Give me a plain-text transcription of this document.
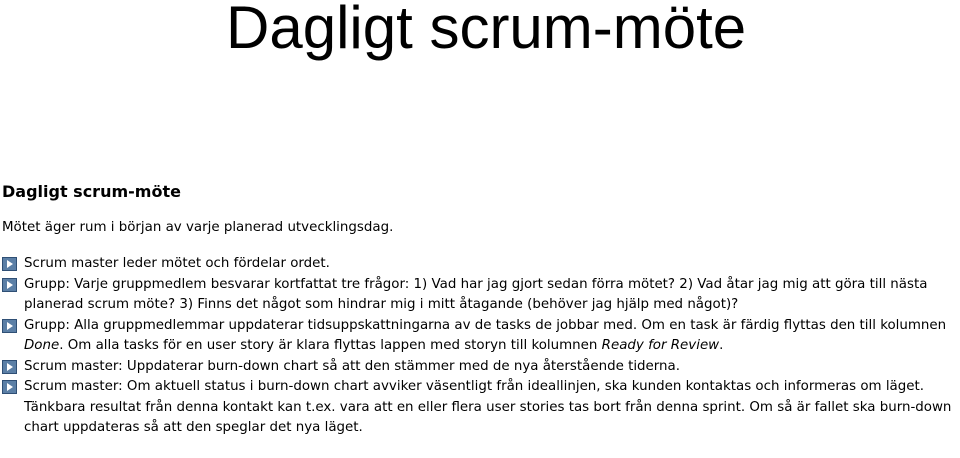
Dagligt scrum-möte
Dagligt scrum-möte

Mötet äger rum i början av varje planerad utvecklingsdag.

Scrum master leder mötet och fördelar ordet.
Grupp: Varje gruppmedlem besvarar kortfattat tre frågor: 1) Vad har jag gjort sedan förra mötet? 2) Vad åtar jag mig att göra till nästa planerad scrum möte? 3) Finns det något som hindrar mig i mitt åtagande (behöver jag hjälp med något)?
Grupp: Alla gruppmedlemmar uppdaterar tidsuppskattningarna av de tasks de jobbar med. Om en task är färdig flyttas den till kolumnen Done. Om alla tasks för en user story är klara flyttas lappen med storyn till kolumnen Ready for Review.
Scrum master: Uppdaterar burn-down chart så att den stämmer med de nya återstående tiderna.
Scrum master: Om aktuell status i burn-down chart avviker väsentligt från ideallinjen, ska kunden kontaktas och informeras om läget. Tänkbara resultat från denna kontakt kan t.ex. vara att en eller flera user stories tas bort från denna sprint. Om så är fallet ska burn-down chart uppdateras så att den speglar det nya läget.
